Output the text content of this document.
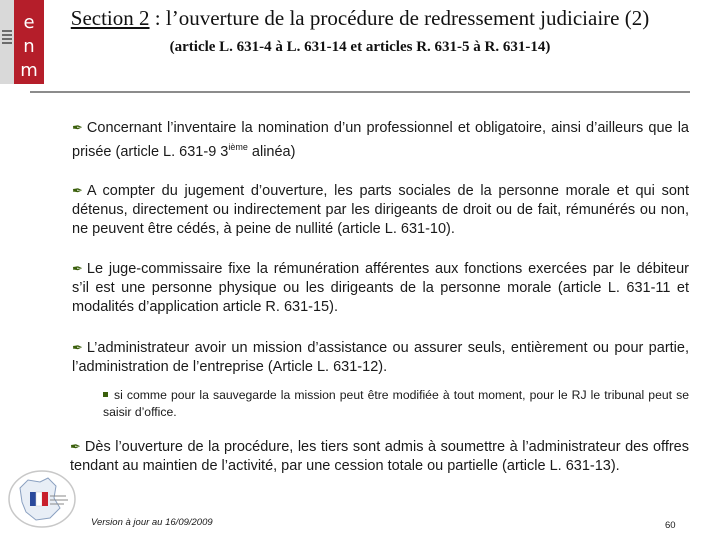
e
n
m
Section 2 : l’ouverture de la procédure de redressement judiciaire (2)
(article L. 631-4 à L. 631-14 et articles R. 631-5 à R. 631-14)
✒ Concernant l’inventaire la nomination d’un professionnel et obligatoire, ainsi d’ailleurs que la prisée (article L. 631-9 3ième alinéa)
✒ A compter du jugement d’ouverture, les parts sociales de la personne morale et qui sont détenus, directement ou indirectement par les dirigeants de droit ou de fait, rémunérés ou non, ne peuvent être cédés, à peine de nullité (article L. 631-10).
✒ Le juge-commissaire fixe la rémunération afférentes aux fonctions exercées par le débiteur s’il est une personne physique ou les dirigeants de la personne morale (article L. 631-11 et modalités d’application article R. 631-15).
✒ L’administrateur avoir un mission d’assistance ou assurer seuls, entièrement ou pour partie, l’administration de l’entreprise (Article L. 631-12).
si comme pour la sauvegarde la mission peut être modifiée à tout moment, pour le RJ le tribunal peut se saisir d’office.
✒ Dès l’ouverture de la procédure, les tiers sont admis à soumettre à l’administrateur des offres tendant au maintien de l’activité, par une cession totale ou partielle (article L. 631-13).
Version à jour au 16/09/2009	60
